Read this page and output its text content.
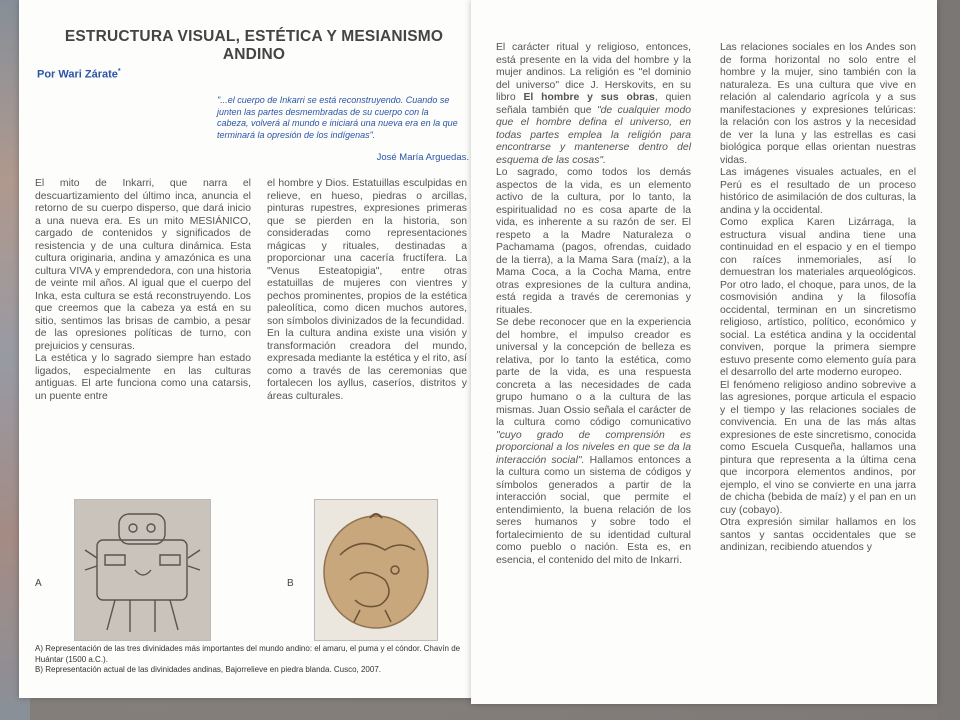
ESTRUCTURA VISUAL, ESTÉTICA Y MESIANISMO ANDINO
Por Wari Zárate*
"...el cuerpo de Inkarri se está reconstruyendo. Cuando se junten las partes desmembradas de su cuerpo con la cabeza, volverá al mundo e iniciará una nueva era en la que terminará la opresión de los indígenas".
José María Arguedas.

El mito de Inkarri, que narra el descuartizamiento del último inca, anuncia el retorno de su cuerpo disperso, que dará inicio a una nueva era. Es un mito MESIÁNICO, cargado de contenidos y significados de resistencia y de una cultura dinámica. Esta cultura originaria, andina y amazónica es una cultura VIVA y emprendedora, con una historia de veinte mil años. Al igual que el cuerpo del Inka, esta cultura se está reconstruyendo. Los que creemos que la cabeza ya está en su sitio, sentimos las brisas de cambio, a pesar de las opresiones políticas de turno, con prejuicios y censuras.

La estética y lo sagrado siempre han estado ligados, especialmente en las culturas antiguas. El arte funciona como una catarsis, un puente entre

el hombre y Dios. Estatuillas esculpidas en relieve, en hueso, piedras o arcillas, pinturas rupestres, expresiones primeras que se pierden en la historia, son consideradas como representaciones mágicas y rituales, destinadas a proporcionar una cacería fructífera. La "Venus Esteatopigia", entre otras estatuillas de mujeres con vientres y pechos prominentes, propios de la estética paleolítica, como dicen muchos autores, son símbolos divinizados de la fecundidad.

En la cultura andina existe una visión y transformación creadora del mundo, expresada mediante la estética y el rito, así como a través de las ceremonias que fortalecen los ayllus, caseríos, distritos y áreas culturales.

A	B

A) Representación de las tres divinidades más importantes del mundo andino: el amaru, el puma y el cóndor. Chavín de Huántar (1500 a.C.).

B) Representación actual de las divinidades andinas, Bajorrelieve en piedra blanda. Cusco, 2007.

El carácter ritual y religioso, entonces, está presente en la vida del hombre y la mujer andinos. La religión es "el dominio del universo" dice J. Herskovits, en su libro El hombre y sus obras, quien señala también que "de cualquier modo que el hombre defina el universo, en todas partes emplea la religión para encontrarse y mantenerse dentro del esquema de las cosas".

Lo sagrado, como todos los demás aspectos de la vida, es un elemento activo de la cultura, por lo tanto, la espiritualidad no es cosa aparte de la vida, es inherente a su razón de ser. El respeto a la Madre Naturaleza o Pachamama (pagos, ofrendas, cuidado de la tierra), a la Mama Sara (maíz), a la Mama Coca, a la Cocha Mama, entre otras expresiones de la cultura andina, está regida a través de ceremonias y rituales.

Se debe reconocer que en la experiencia del hombre, el impulso creador es universal y la concepción de belleza es relativa, por lo tanto la estética, como parte de la vida, es una respuesta concreta a las necesidades de cada grupo humano o a la cultura de las mismas. Juan Ossio señala el carácter de la cultura como código comunicativo "cuyo grado de comprensión es proporcional a los niveles en que se da la interacción social". Hallamos entonces a la cultura como un sistema de códigos y símbolos generados a partir de la interacción social, que permite el entendimiento, la buena relación de los seres humanos y sobre todo el fortalecimiento de su identidad cultural como pueblo o nación. Esta es, en esencia, el contenido del mito de Inkarri.

Las relaciones sociales en los Andes son de forma horizontal no solo entre el hombre y la mujer, sino también con la naturaleza. Es una cultura que vive en relación al calendario agrícola y a sus manifestaciones y expresiones telúricas: la relación con los astros y la necesidad de ver la luna y las estrellas es casi biológica porque ellas orientan nuestras vidas.

Las imágenes visuales actuales, en el Perú es el resultado de un proceso histórico de asimilación de dos culturas, la andina y la occidental.

Como explica Karen Lizárraga, la estructura visual andina tiene una continuidad en el espacio y en el tiempo con raíces inmemoriales, así lo demuestran los materiales arqueológicos. Por otro lado, el choque, para unos, de la cosmovisión andina y la filosofía occidental, terminan en un sincretismo religioso, artístico, político, económico y social. La estética andina y la occidental conviven, porque la primera siempre estuvo presente como elemento guía para el desarrollo del arte moderno europeo.

El fenómeno religioso andino sobrevive a las agresiones, porque articula el espacio y el tiempo y las relaciones sociales de convivencia. En una de las más altas expresiones de este sincretismo, conocida como Escuela Cusqueña, hallamos una pintura que representa a la última cena que incorpora elementos andinos, por ejemplo, el vino se convierte en una jarra de chicha (bebida de maíz) y el pan en un cuy (cobayo).

Otra expresión similar hallamos en los santos y santas occidentales que se andinizan, recibiendo atuendos y
